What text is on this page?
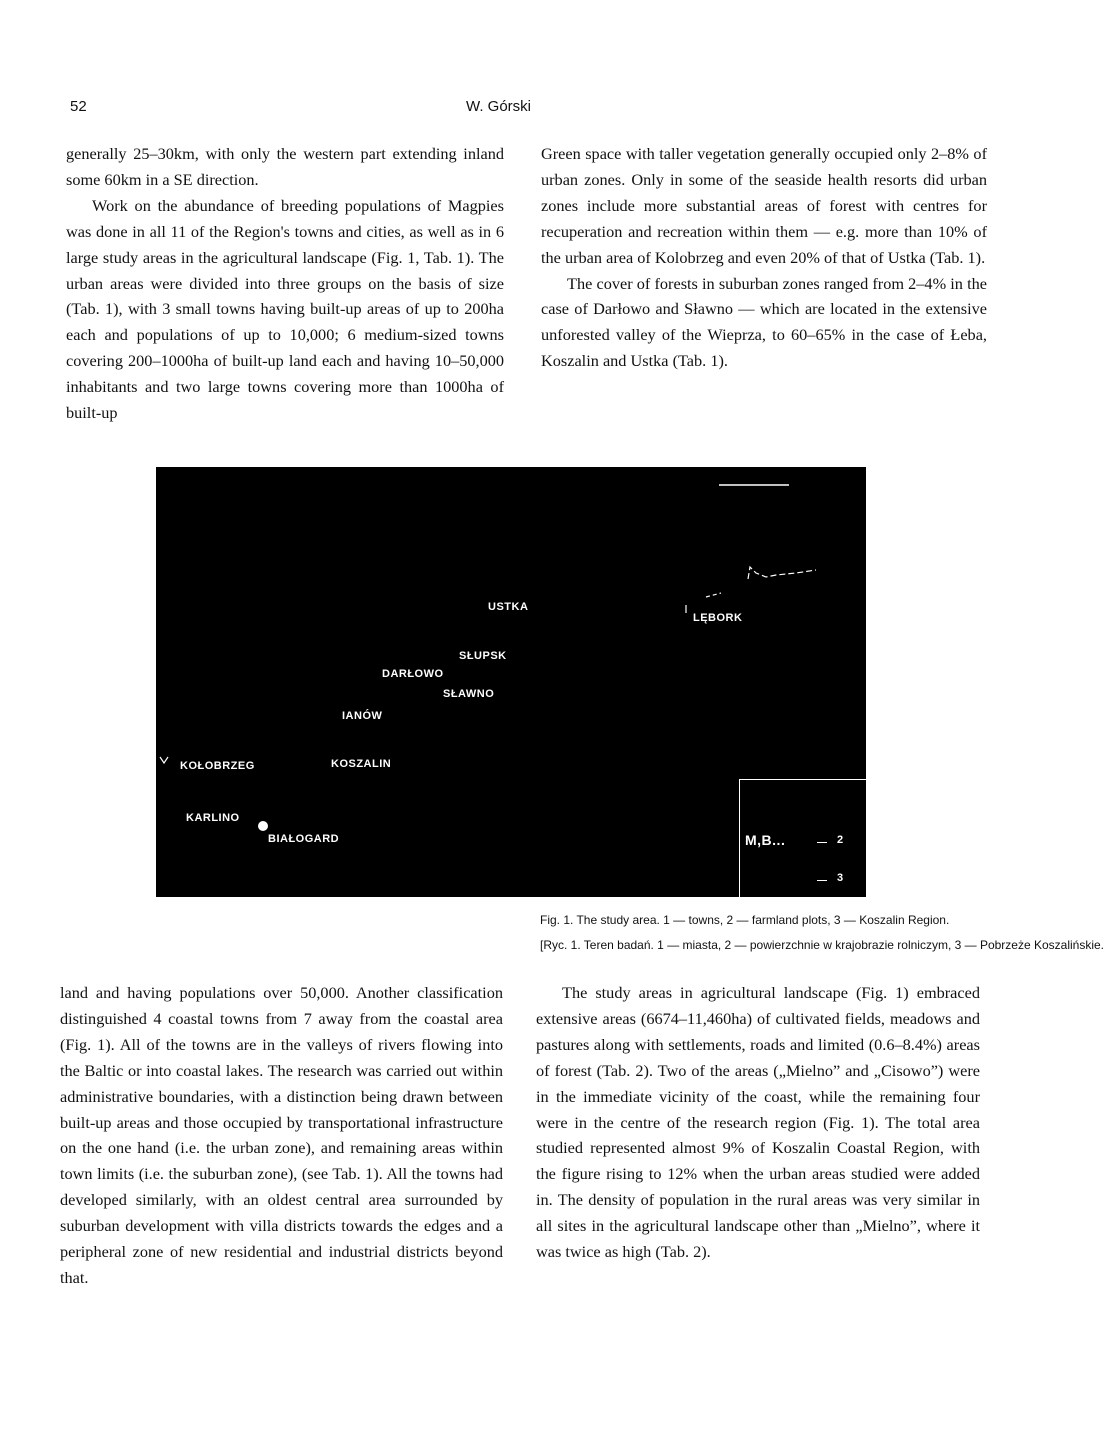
52	W. Górski

generally 25–30km, with only the western part extending inland some 60km in a SE direction.

Work on the abundance of breeding populations of Magpies was done in all 11 of the Region's towns and cities, as well as in 6 large study areas in the agricultural landscape (Fig. 1, Tab. 1). The urban areas were divided into three groups on the basis of size (Tab. 1), with 3 small towns having built-up areas of up to 200ha each and populations of up to 10,000; 6 medium-sized towns covering 200–1000ha of built-up land each and having 10–50,000 inhabitants and two large towns covering more than 1000ha of built-up

Green space with taller vegetation generally occupied only 2–8% of urban zones. Only in some of the seaside health resorts did urban zones include more substantial areas of forest with centres for recuperation and recreation within them — e.g. more than 10% of the urban area of Kolobrzeg and even 20% of that of Ustka (Tab. 1).

The cover of forests in suburban zones ranged from 2–4% in the case of Darłowo and Sławno — which are located in the extensive unforested valley of the Wieprza, to 60–65% in the case of Łeba, Koszalin and Ustka (Tab. 1).

USTKA
LĘBORK
SŁUPSK
DARŁOWO
SŁAWNO
IANÓW
KOŁOBRZEG	KOSZALIN
KARLINO
BIAŁOGARD	M,B...	2
3
Fig. 1. The study area. 1 — towns, 2 — farmland plots, 3 — Koszalin Region.
[Ryc. 1. Teren badań. 1 — miasta, 2 — powierzchnie w krajobrazie rolniczym, 3 — Pobrzeże Koszalińskie.

land and having populations over 50,000. Another classification distinguished 4 coastal towns from 7 away from the coastal area (Fig. 1). All of the towns are in the valleys of rivers flowing into the Baltic or into coastal lakes. The research was carried out within administrative boundaries, with a distinction being drawn between built-up areas and those occupied by transportational infrastructure on the one hand (i.e. the urban zone), and remaining areas within town limits (i.e. the suburban zone), (see Tab. 1). All the towns had developed similarly, with an oldest central area surrounded by suburban development with villa districts towards the edges and a peripheral zone of new residential and industrial districts beyond that.

The study areas in agricultural landscape (Fig. 1) embraced extensive areas (6674–11,460ha) of cultivated fields, meadows and pastures along with settlements, roads and limited (0.6–8.4%) areas of forest (Tab. 2). Two of the areas („Mielno” and „Cisowo”) were in the immediate vicinity of the coast, while the remaining four were in the centre of the research region (Fig. 1). The total area studied represented almost 9% of Koszalin Coastal Region, with the figure rising to 12% when the urban areas studied were added in. The density of population in the rural areas was very similar in all sites in the agricultural landscape other than „Mielno”, where it was twice as high (Tab. 2).
